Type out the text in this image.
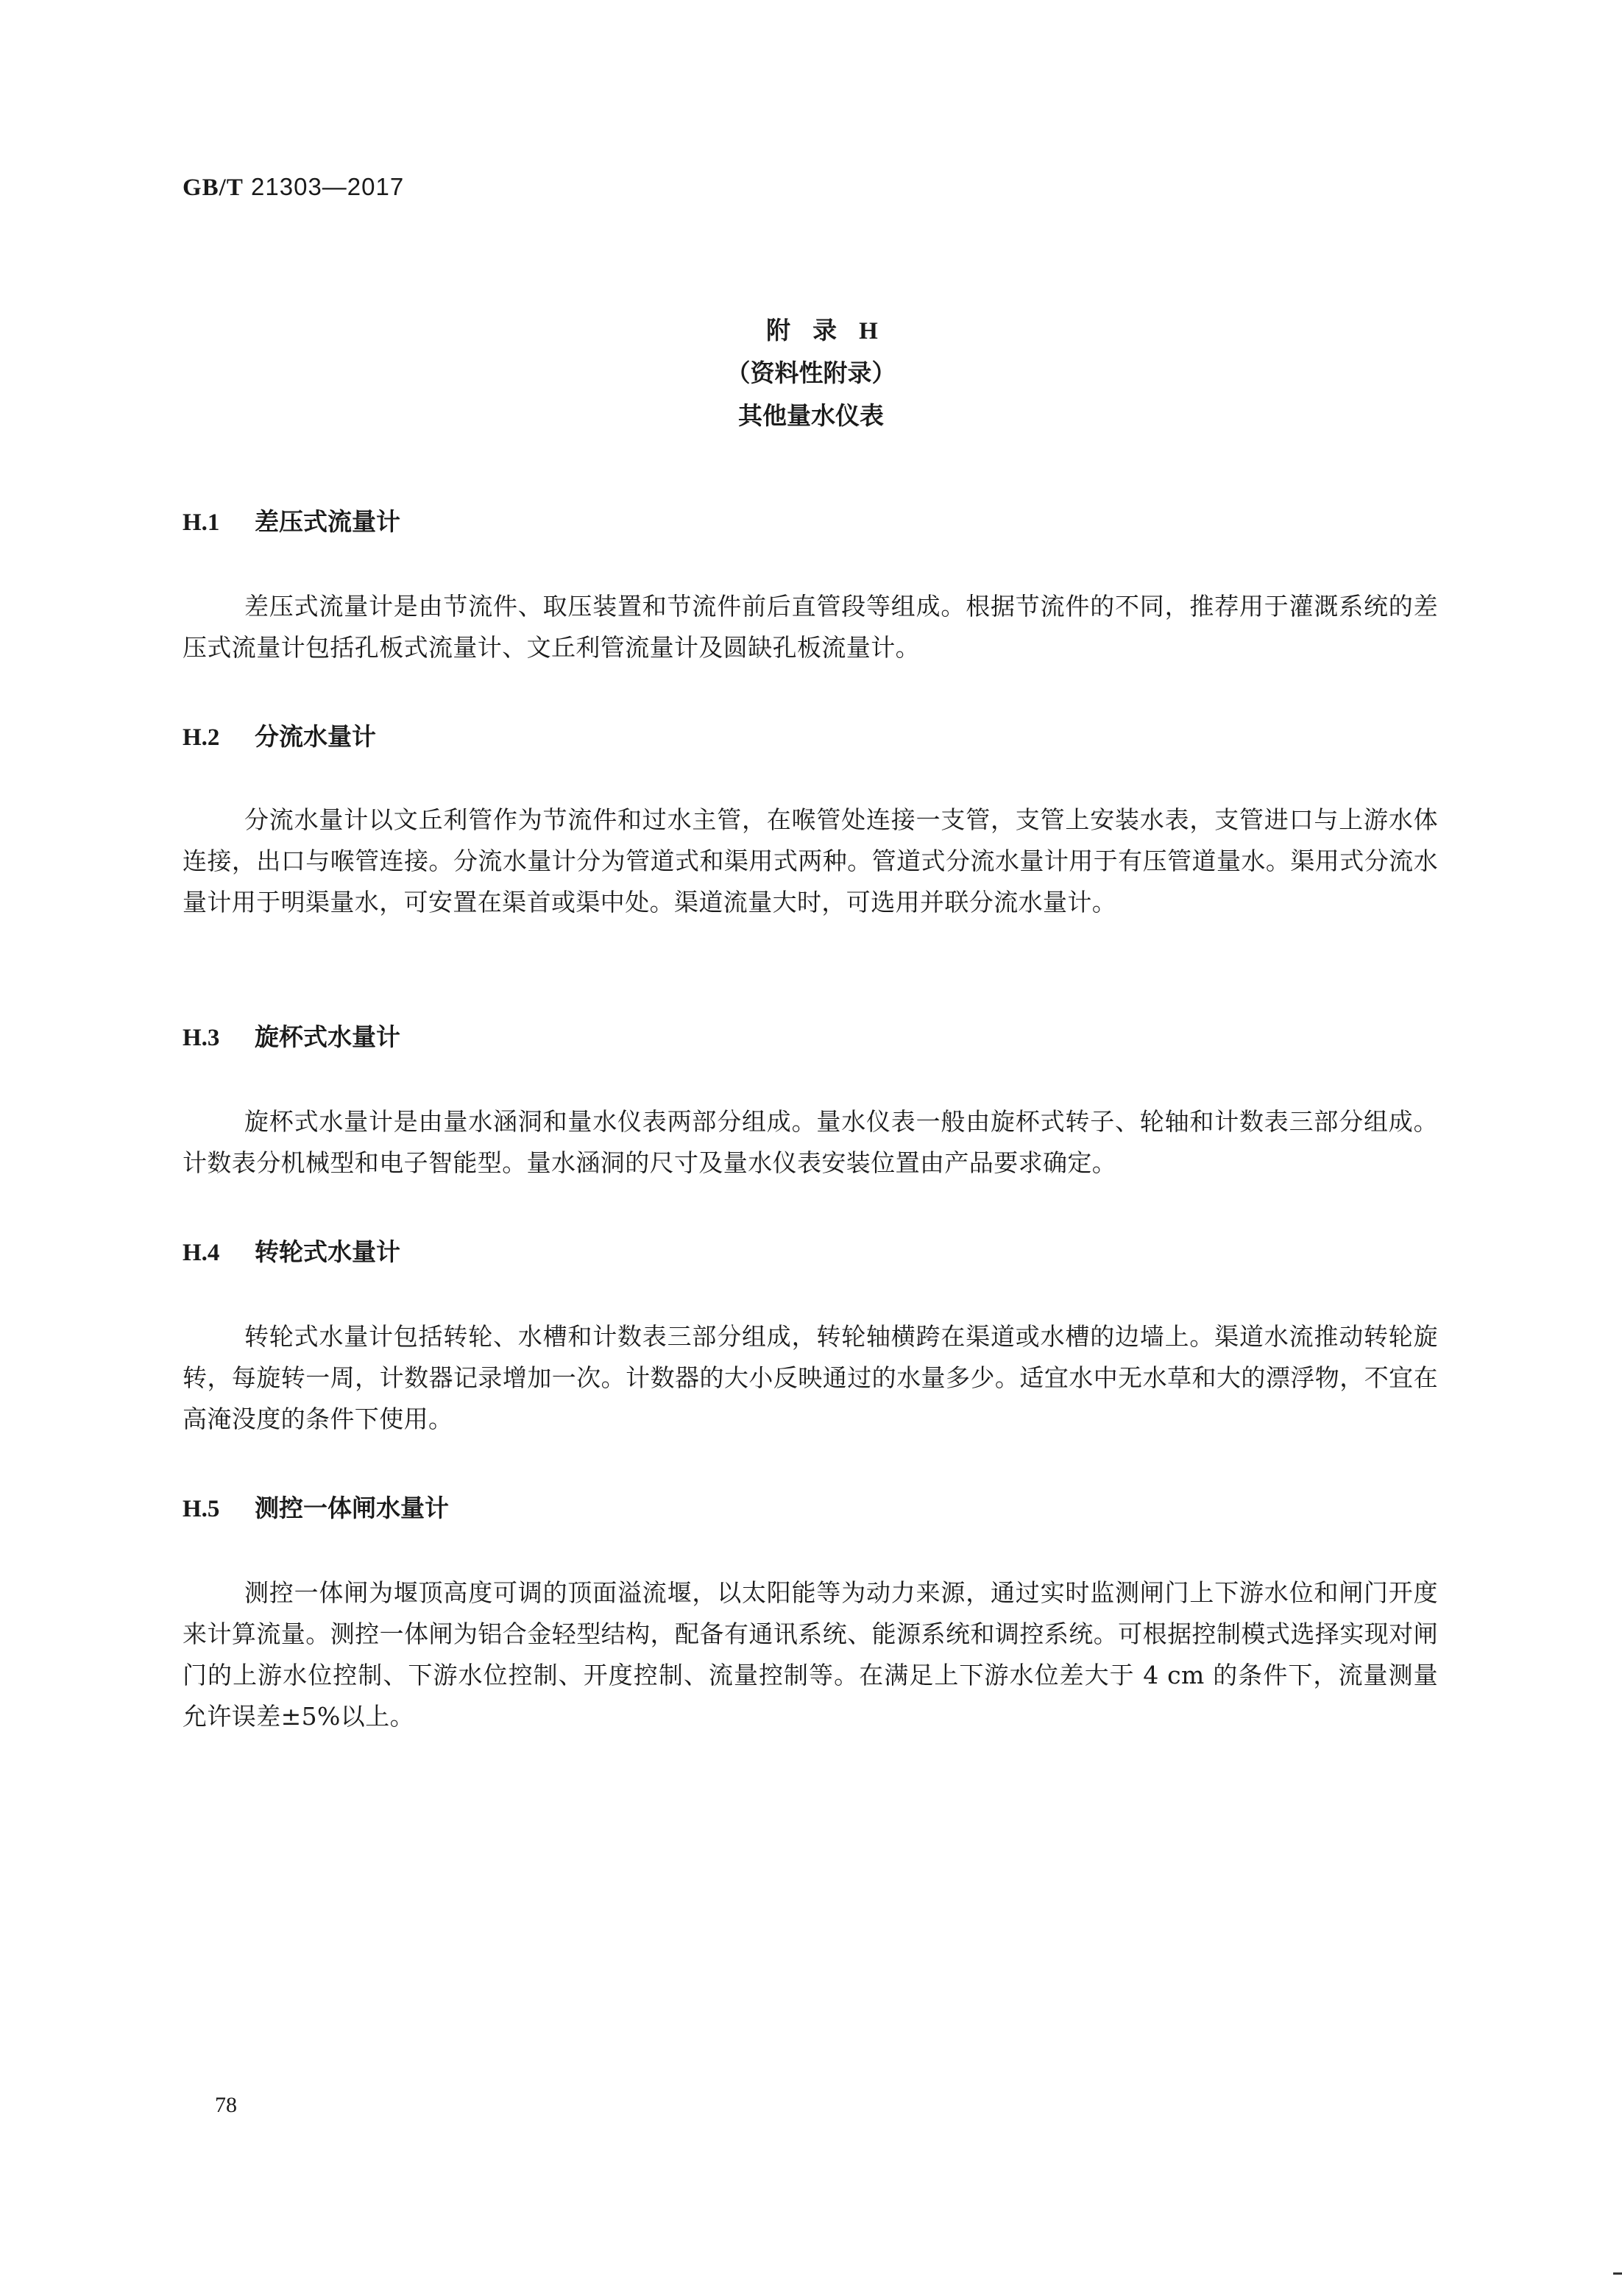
GB/T 21303—2017
附录H
（资料性附录）
其他量水仪表
H.1 差压式流量计
差压式流量计是由节流件、取压装置和节流件前后直管段等组成。根据节流件的不同，推荐用于灌溉系统的差压式流量计包括孔板式流量计、文丘利管流量计及圆缺孔板流量计。
H.2 分流水量计
分流水量计以文丘利管作为节流件和过水主管，在喉管处连接一支管，支管上安装水表，支管进口与上游水体连接，出口与喉管连接。分流水量计分为管道式和渠用式两种。管道式分流水量计用于有压管道量水。渠用式分流水量计用于明渠量水，可安置在渠首或渠中处。渠道流量大时，可选用并联分流水量计。
H.3 旋杯式水量计
旋杯式水量计是由量水涵洞和量水仪表两部分组成。量水仪表一般由旋杯式转子、轮轴和计数表三部分组成。计数表分机械型和电子智能型。量水涵洞的尺寸及量水仪表安装位置由产品要求确定。
H.4 转轮式水量计
转轮式水量计包括转轮、水槽和计数表三部分组成，转轮轴横跨在渠道或水槽的边墙上。渠道水流推动转轮旋转，每旋转一周，计数器记录增加一次。计数器的大小反映通过的水量多少。适宜水中无水草和大的漂浮物，不宜在高淹没度的条件下使用。
H.5 测控一体闸水量计
测控一体闸为堰顶高度可调的顶面溢流堰，以太阳能等为动力来源，通过实时监测闸门上下游水位和闸门开度来计算流量。测控一体闸为铝合金轻型结构，配备有通讯系统、能源系统和调控系统。可根据控制模式选择实现对闸门的上游水位控制、下游水位控制、开度控制、流量控制等。在满足上下游水位差大于 4 cm 的条件下，流量测量允许误差±5%以上。
78
